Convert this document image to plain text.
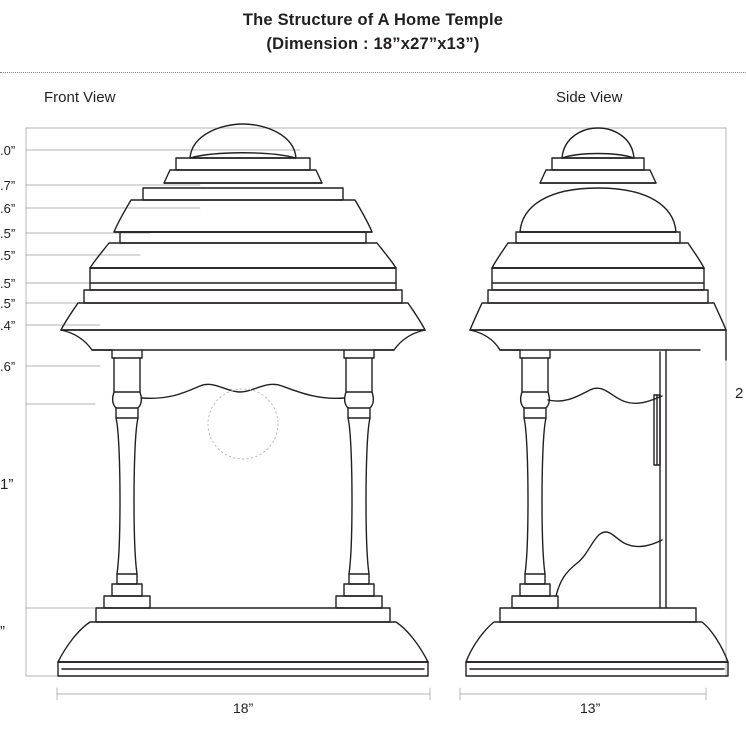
The Structure of A Home Temple
(Dimension : 18”x27”x13”)
Front View	Side View
.0”
.7”
.6”
.5”
.5”
.5”
.5”
.4”
.6”
1”
”
2
18”	13”
